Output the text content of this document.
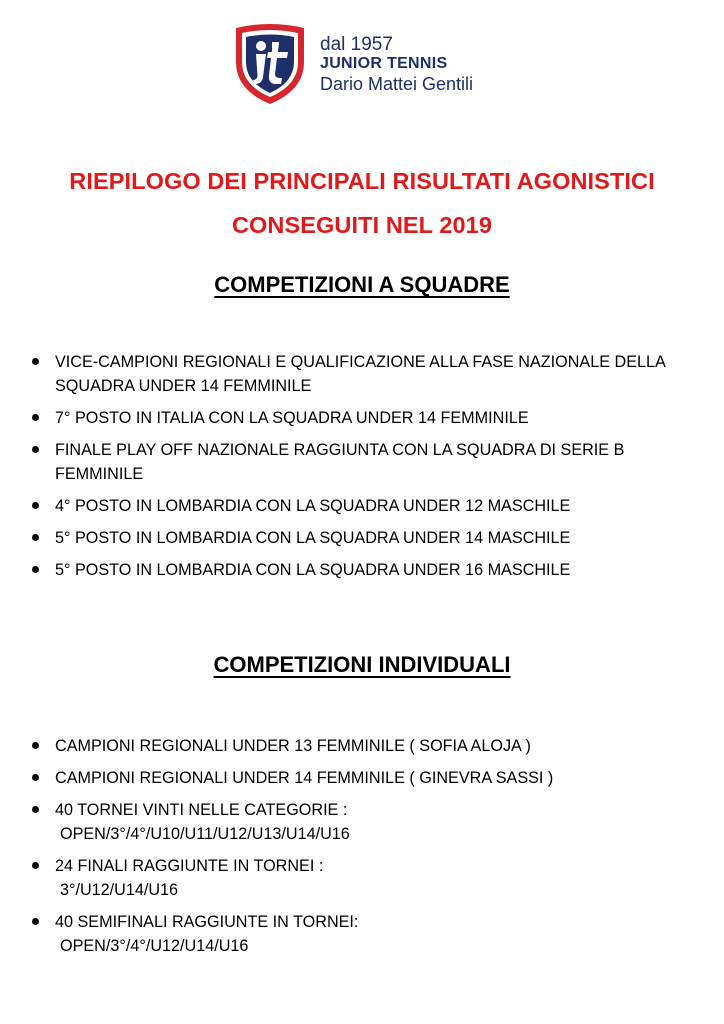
dal 1957
JUNIOR TENNIS
Dario Mattei Gentili
RIEPILOGO DEI PRINCIPALI RISULTATI AGONISTICI
CONSEGUITI NEL 2019
COMPETIZIONI A SQUADRE
VICE-CAMPIONI REGIONALI E QUALIFICAZIONE ALLA FASE NAZIONALE DELLA SQUADRA UNDER 14 FEMMINILE
7° POSTO IN ITALIA CON LA SQUADRA UNDER 14 FEMMINILE
FINALE PLAY OFF NAZIONALE RAGGIUNTA CON LA SQUADRA DI SERIE B FEMMINILE
4° POSTO IN LOMBARDIA CON LA SQUADRA UNDER 12 MASCHILE
5° POSTO IN LOMBARDIA CON LA SQUADRA UNDER 14 MASCHILE
5° POSTO IN LOMBARDIA CON LA SQUADRA UNDER 16 MASCHILE
COMPETIZIONI INDIVIDUALI
CAMPIONI REGIONALI UNDER 13 FEMMINILE ( SOFIA ALOJA )
CAMPIONI REGIONALI UNDER 14 FEMMINILE ( GINEVRA SASSI )
40 TORNEI VINTI NELLE CATEGORIE :
OPEN/3°/4°/U10/U11/U12/U13/U14/U16
24 FINALI RAGGIUNTE IN TORNEI :
3°/U12/U14/U16
40 SEMIFINALI RAGGIUNTE IN TORNEI:
OPEN/3°/4°/U12/U14/U16
